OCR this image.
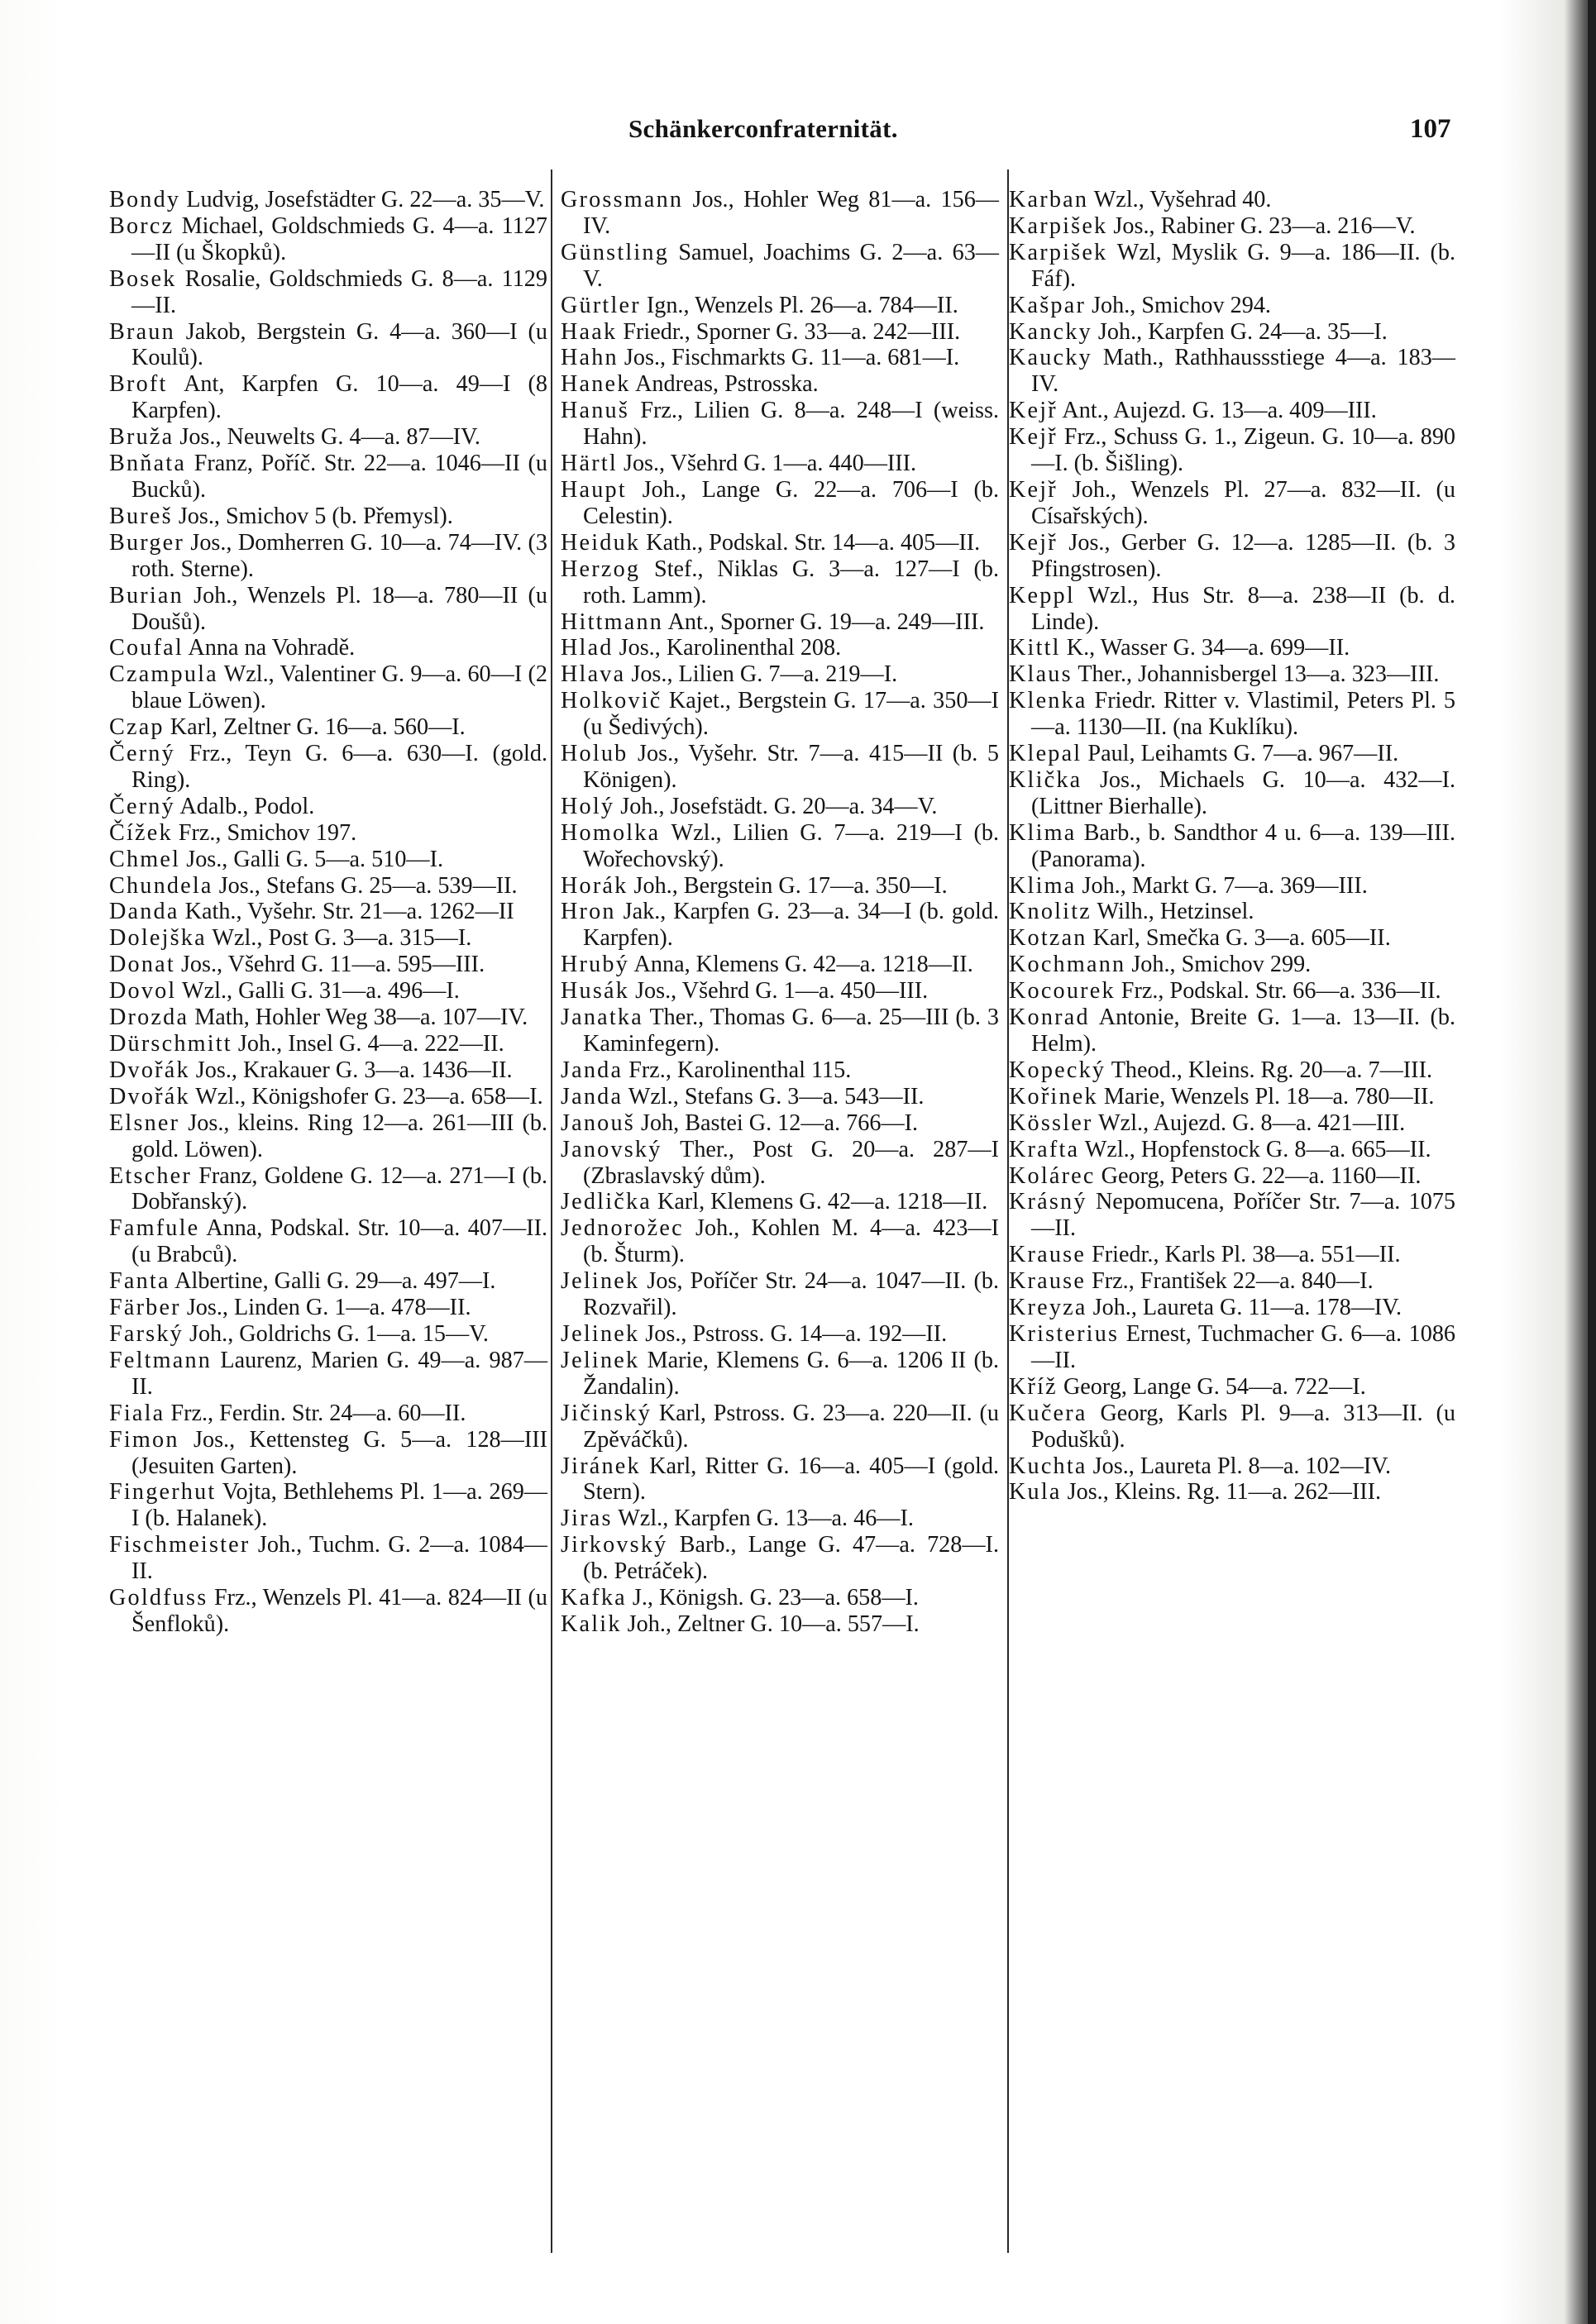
Schänkerconfraternität.	107

Bondy Ludvig, Josefstädter G. 22—a. 35—V.

Borcz Michael, Goldschmieds G. 4—a. 1127—II (u Škopků).

Bosek Rosalie, Goldschmieds G. 8—a. 1129—II.

Braun Jakob, Bergstein G. 4—a. 360—I (u Koulů).

Broft Ant, Karpfen G. 10—a. 49—I (8 Karpfen).

Bruža Jos., Neuwelts G. 4—a. 87—IV.

Bnňata Franz, Poříč. Str. 22—a. 1046—II (u Bucků).

Bureš Jos., Smichov 5 (b. Přemysl).

Burger Jos., Domherren G. 10—a. 74—IV. (3 roth. Sterne).

Burian Joh., Wenzels Pl. 18—a. 780—II (u Doušů).

Coufal Anna na Vohradě.

Czampula Wzl., Valentiner G. 9—a. 60—I (2 blaue Löwen).

Czap Karl, Zeltner G. 16—a. 560—I.

Černý Frz., Teyn G. 6—a. 630—I. (gold. Ring).

Černý Adalb., Podol.

Čížek Frz., Smichov 197.

Chmel Jos., Galli G. 5—a. 510—I.

Chundela Jos., Stefans G. 25—a. 539—II.

Danda Kath., Vyšehr. Str. 21—a. 1262—II

Dolejška Wzl., Post G. 3—a. 315—I.

Donat Jos., Všehrd G. 11—a. 595—III.

Dovol Wzl., Galli G. 31—a. 496—I.

Drozda Math, Hohler Weg 38—a. 107—IV.

Dürschmitt Joh., Insel G. 4—a. 222—II.

Dvořák Jos., Krakauer G. 3—a. 1436—II.

Dvořák Wzl., Königshofer G. 23—a. 658—I.

Elsner Jos., kleins. Ring 12—a. 261—III (b. gold. Löwen).

Etscher Franz, Goldene G. 12—a. 271—I (b. Dobřanský).

Famfule Anna, Podskal. Str. 10—a. 407—II. (u Brabců).

Fanta Albertine, Galli G. 29—a. 497—I.

Färber Jos., Linden G. 1—a. 478—II.

Farský Joh., Goldrichs G. 1—a. 15—V.

Feltmann Laurenz, Marien G. 49—a. 987—II.

Fiala Frz., Ferdin. Str. 24—a. 60—II.

Fimon Jos., Kettensteg G. 5—a. 128—III (Jesuiten Garten).

Fingerhut Vojta, Bethlehems Pl. 1—a. 269—I (b. Halanek).

Fischmeister Joh., Tuchm. G. 2—a. 1084—II.

Goldfuss Frz., Wenzels Pl. 41—a. 824—II (u Šenfloků).

Grossmann Jos., Hohler Weg 81—a. 156—IV.

Günstling Samuel, Joachims G. 2—a. 63—V.

Gürtler Ign., Wenzels Pl. 26—a. 784—II.

Haak Friedr., Sporner G. 33—a. 242—III.

Hahn Jos., Fischmarkts G. 11—a. 681—I.

Hanek Andreas, Pstrosska.

Hanuš Frz., Lilien G. 8—a. 248—I (weiss. Hahn).

Härtl Jos., Všehrd G. 1—a. 440—III.

Haupt Joh., Lange G. 22—a. 706—I (b. Celestin).

Heiduk Kath., Podskal. Str. 14—a. 405—II.

Herzog Stef., Niklas G. 3—a. 127—I (b. roth. Lamm).

Hittmann Ant., Sporner G. 19—a. 249—III.

Hlad Jos., Karolinenthal 208.

Hlava Jos., Lilien G. 7—a. 219—I.

Holkovič Kajet., Bergstein G. 17—a. 350—I (u Šedivých).

Holub Jos., Vyšehr. Str. 7—a. 415—II (b. 5 Königen).

Holý Joh., Josefstädt. G. 20—a. 34—V.

Homolka Wzl., Lilien G. 7—a. 219—I (b. Wořechovský).

Horák Joh., Bergstein G. 17—a. 350—I.

Hron Jak., Karpfen G. 23—a. 34—I (b. gold. Karpfen).

Hrubý Anna, Klemens G. 42—a. 1218—II.

Husák Jos., Všehrd G. 1—a. 450—III.

Janatka Ther., Thomas G. 6—a. 25—III (b. 3 Kaminfegern).

Janda Frz., Karolinenthal 115.

Janda Wzl., Stefans G. 3—a. 543—II.

Janouš Joh, Bastei G. 12—a. 766—I.

Janovský Ther., Post G. 20—a. 287—I (Zbraslavský dům).

Jedlička Karl, Klemens G. 42—a. 1218—II.

Jednorožec Joh., Kohlen M. 4—a. 423—I (b. Šturm).

Jelinek Jos, Poříčer Str. 24—a. 1047—II. (b. Rozvařil).

Jelinek Jos., Pstross. G. 14—a. 192—II.

Jelinek Marie, Klemens G. 6—a. 1206 II (b. Žandalin).

Jičinský Karl, Pstross. G. 23—a. 220—II. (u Zpěváčků).

Jiránek Karl, Ritter G. 16—a. 405—I (gold. Stern).

Jiras Wzl., Karpfen G. 13—a. 46—I.

Jirkovský Barb., Lange G. 47—a. 728—I. (b. Petráček).

Kafka J., Königsh. G. 23—a. 658—I.

Kalik Joh., Zeltner G. 10—a. 557—I.

Karban Wzl., Vyšehrad 40.

Karpišek Jos., Rabiner G. 23—a. 216—V.

Karpišek Wzl, Myslik G. 9—a. 186—II. (b. Fáf).

Kašpar Joh., Smichov 294.

Kancky Joh., Karpfen G. 24—a. 35—I.

Kaucky Math., Rathhaussstiege 4—a. 183—IV.

Kejř Ant., Aujezd. G. 13—a. 409—III.

Kejř Frz., Schuss G. 1., Zigeun. G. 10—a. 890—I. (b. Šišling).

Kejř Joh., Wenzels Pl. 27—a. 832—II. (u Císařských).

Kejř Jos., Gerber G. 12—a. 1285—II. (b. 3 Pfingstrosen).

Keppl Wzl., Hus Str. 8—a. 238—II (b. d. Linde).

Kittl K., Wasser G. 34—a. 699—II.

Klaus Ther., Johannisbergel 13—a. 323—III.

Klenka Friedr. Ritter v. Vlastimil, Peters Pl. 5—a. 1130—II. (na Kuklíku).

Klepal Paul, Leihamts G. 7—a. 967—II.

Klička Jos., Michaels G. 10—a. 432—I. (Littner Bierhalle).

Klima Barb., b. Sandthor 4 u. 6—a. 139—III. (Panorama).

Klima Joh., Markt G. 7—a. 369—III.

Knolitz Wilh., Hetzinsel.

Kotzan Karl, Smečka G. 3—a. 605—II.

Kochmann Joh., Smichov 299.

Kocourek Frz., Podskal. Str. 66—a. 336—II.

Konrad Antonie, Breite G. 1—a. 13—II. (b. Helm).

Kopecký Theod., Kleins. Rg. 20—a. 7—III.

Kořinek Marie, Wenzels Pl. 18—a. 780—II.

Kössler Wzl., Aujezd. G. 8—a. 421—III.

Krafta Wzl., Hopfenstock G. 8—a. 665—II.

Kolárec Georg, Peters G. 22—a. 1160—II.

Krásný Nepomucena, Poříčer Str. 7—a. 1075—II.

Krause Friedr., Karls Pl. 38—a. 551—II.

Krause Frz., František 22—a. 840—I.

Kreyza Joh., Laureta G. 11—a. 178—IV.

Kristerius Ernest, Tuchmacher G. 6—a. 1086—II.

Kříž Georg, Lange G. 54—a. 722—I.

Kučera Georg, Karls Pl. 9—a. 313—II. (u Podušků).

Kuchta Jos., Laureta Pl. 8—a. 102—IV.

Kula Jos., Kleins. Rg. 11—a. 262—III.
